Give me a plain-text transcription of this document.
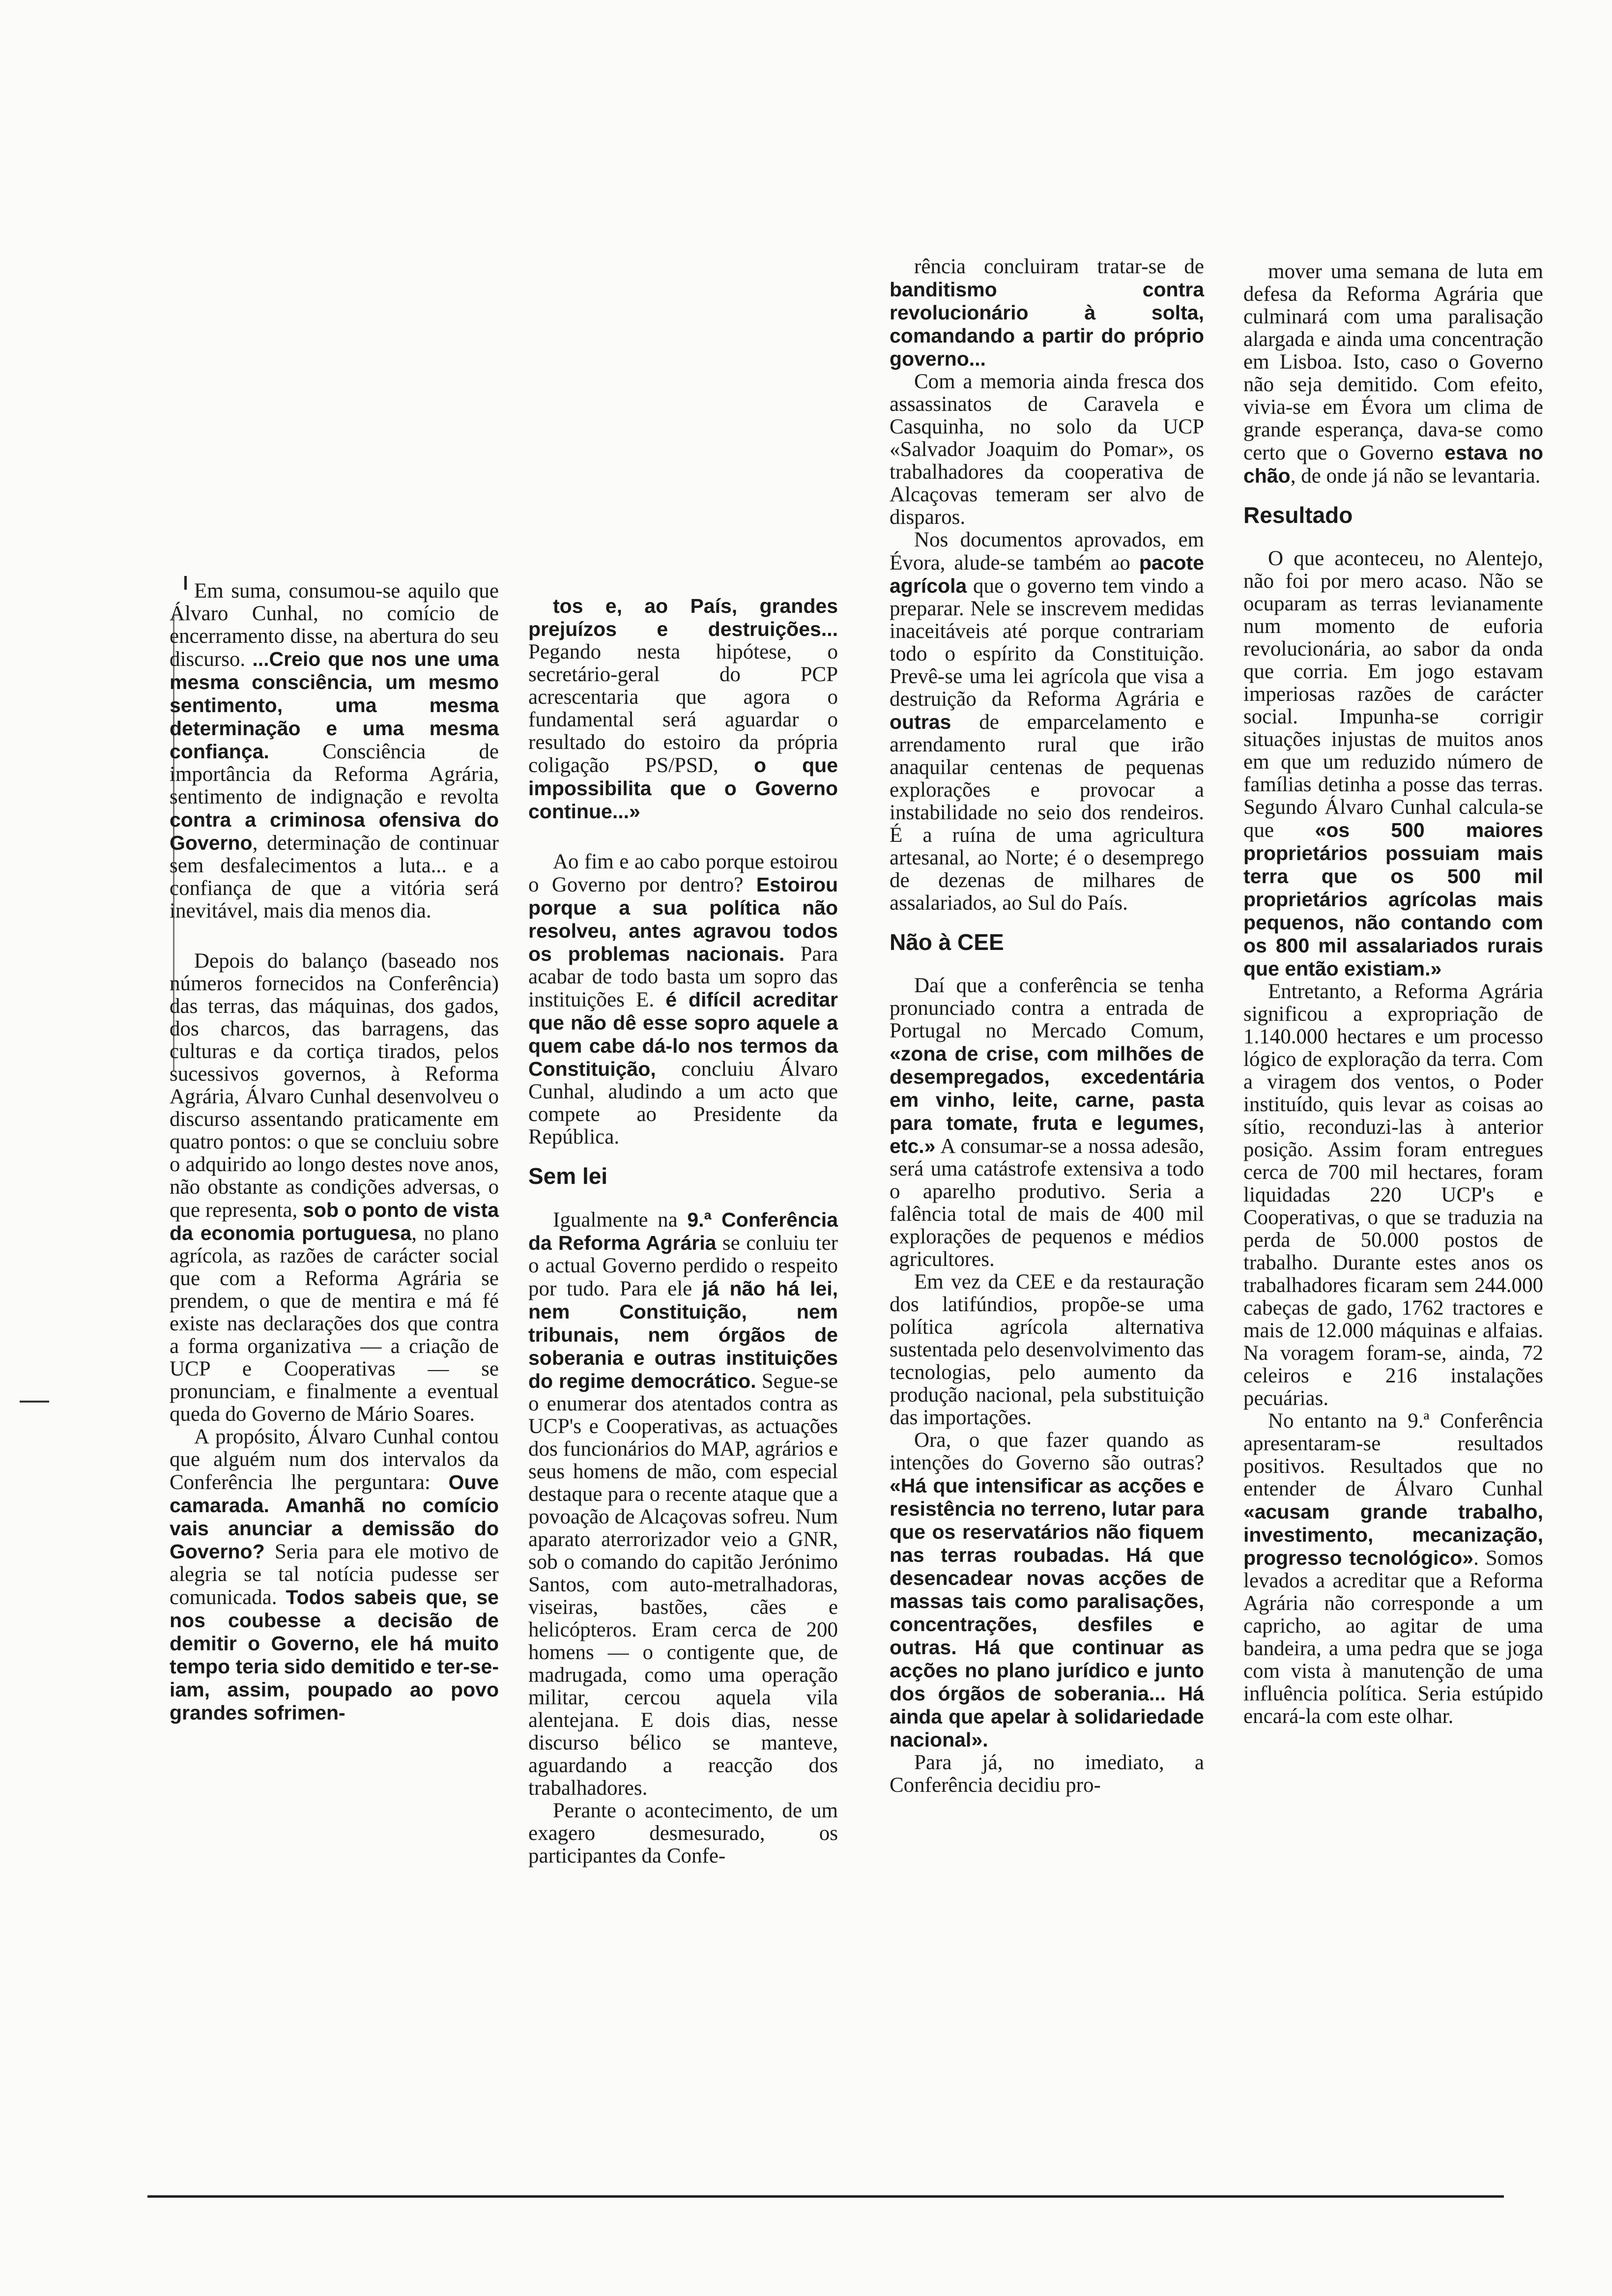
Em suma, consumou-se aquilo que Álvaro Cunhal, no comício de encerramento disse, na abertura do seu discurso. ...Creio que nos une uma mesma consciência, um mesmo sentimento, uma mesma determinação e uma mesma confiança. Consciência de importância da Reforma Agrária, sentimento de indignação e revolta contra a criminosa ofensiva do Governo, determinação de continuar sem desfalecimentos a luta... e a confiança de que a vitória será inevitável, mais dia menos dia.

Depois do balanço (baseado nos números fornecidos na Conferência) das terras, das máquinas, dos gados, dos charcos, das barragens, das culturas e da cortiça tirados, pelos sucessivos governos, à Reforma Agrária, Álvaro Cunhal desenvolveu o discurso assentando praticamente em quatro pontos: o que se concluiu sobre o adquirido ao longo destes nove anos, não obstante as condições adversas, o que representa, sob o ponto de vista da economia portuguesa, no plano agrícola, as razões de carácter social que com a Reforma Agrária se prendem, o que de mentira e má fé existe nas declarações dos que contra a forma organizativa — a criação de UCP e Cooperativas — se pronunciam, e finalmente a eventual queda do Governo de Mário Soares.

A propósito, Álvaro Cunhal contou que alguém num dos intervalos da Conferência lhe perguntara: Ouve camarada. Amanhã no comício vais anunciar a demissão do Governo? Seria para ele motivo de alegria se tal notícia pudesse ser comunicada. Todos sabeis que, se nos coubesse a decisão de demitir o Governo, ele há muito tempo teria sido demitido e ter-se-iam, assim, poupado ao povo grandes sofrimen-

tos e, ao País, grandes prejuízos e destruições... Pegando nesta hipótese, o secretário-geral do PCP acrescentaria que agora o fundamental será aguardar o resultado do estoiro da própria coligação PS/PSD, o que impossibilita que o Governo continue...»

Ao fim e ao cabo porque estoirou o Governo por dentro? Estoirou porque a sua política não resolveu, antes agravou todos os problemas nacionais. Para acabar de todo basta um sopro das instituições E. é difícil acreditar que não dê esse sopro aquele a quem cabe dá-lo nos termos da Constituição, concluiu Álvaro Cunhal, aludindo a um acto que compete ao Presidente da República.

Sem lei

Igualmente na 9.ª Conferência da Reforma Agrária se conluiu ter o actual Governo perdido o respeito por tudo. Para ele já não há lei, nem Constituição, nem tribunais, nem órgãos de soberania e outras instituições do regime democrático. Segue-se o enumerar dos atentados contra as UCP's e Cooperativas, as actuações dos funcionários do MAP, agrários e seus homens de mão, com especial destaque para o recente ataque que a povoação de Alcaçovas sofreu. Num aparato aterrorizador veio a GNR, sob o comando do capitão Jerónimo Santos, com auto-metralhadoras, viseiras, bastões, cães e helicópteros. Eram cerca de 200 homens — o contigente que, de madrugada, como uma operação militar, cercou aquela vila alentejana. E dois dias, nesse discurso bélico se manteve, aguardando a reacção dos trabalhadores.

Perante o acontecimento, de um exagero desmesurado, os participantes da Confe-

rência concluiram tratar-se de banditismo contra revolucionário à solta, comandando a partir do próprio governo...

Com a memoria ainda fresca dos assassinatos de Caravela e Casquinha, no solo da UCP «Salvador Joaquim do Pomar», os trabalhadores da cooperativa de Alcaçovas temeram ser alvo de disparos.

Nos documentos aprovados, em Évora, alude-se também ao pacote agrícola que o governo tem vindo a preparar. Nele se inscrevem medidas inaceitáveis até porque contrariam todo o espírito da Constituição. Prevê-se uma lei agrícola que visa a destruição da Reforma Agrária e outras de emparcelamento e arrendamento rural que irão anaquilar centenas de pequenas explorações e provocar a instabilidade no seio dos rendeiros. É a ruína de uma agricultura artesanal, ao Norte; é o desemprego de dezenas de milhares de assalariados, ao Sul do País.

Não à CEE

Daí que a conferência se tenha pronunciado contra a entrada de Portugal no Mercado Comum, «zona de crise, com milhões de desempregados, excedentária em vinho, leite, carne, pasta para tomate, fruta e legumes, etc.» A consumar-se a nossa adesão, será uma catástrofe extensiva a todo o aparelho produtivo. Seria a falência total de mais de 400 mil explorações de pequenos e médios agricultores.

Em vez da CEE e da restauração dos latifúndios, propõe-se uma política agrícola alternativa sustentada pelo desenvolvimento das tecnologias, pelo aumento da produção nacional, pela substituição das importações.

Ora, o que fazer quando as intenções do Governo são outras? «Há que intensificar as acções e resistência no terreno, lutar para que os reservatários não fiquem nas terras roubadas. Há que desencadear novas acções de massas tais como paralisações, concentrações, desfiles e outras. Há que continuar as acções no plano jurídico e junto dos órgãos de soberania... Há ainda que apelar à solidariedade nacional».

Para já, no imediato, a Conferência decidiu pro-

mover uma semana de luta em defesa da Reforma Agrária que culminará com uma paralisação alargada e ainda uma concentração em Lisboa. Isto, caso o Governo não seja demitido. Com efeito, vivia-se em Évora um clima de grande esperança, dava-se como certo que o Governo estava no chão, de onde já não se levantaria.

Resultado

O que aconteceu, no Alentejo, não foi por mero acaso. Não se ocuparam as terras levianamente num momento de euforia revolucionária, ao sabor da onda que corria. Em jogo estavam imperiosas razões de carácter social. Impunha-se corrigir situações injustas de muitos anos em que um reduzido número de famílias detinha a posse das terras. Segundo Álvaro Cunhal calcula-se que «os 500 maiores proprietários possuiam mais terra que os 500 mil proprietários agrícolas mais pequenos, não contando com os 800 mil assalariados rurais que então existiam.»

Entretanto, a Reforma Agrária significou a expropriação de 1.140.000 hectares e um processo lógico de exploração da terra. Com a viragem dos ventos, o Poder instituído, quis levar as coisas ao sítio, reconduzi-las à anterior posição. Assim foram entregues cerca de 700 mil hectares, foram liquidadas 220 UCP's e Cooperativas, o que se traduzia na perda de 50.000 postos de trabalho. Durante estes anos os trabalhadores ficaram sem 244.000 cabeças de gado, 1762 tractores e mais de 12.000 máquinas e alfaias. Na voragem foram-se, ainda, 72 celeiros e 216 instalações pecuárias.

No entanto na 9.ª Conferência apresentaram-se resultados positivos. Resultados que no entender de Álvaro Cunhal «acusam grande trabalho, investimento, mecanização, progresso tecnológico». Somos levados a acreditar que a Reforma Agrária não corresponde a um capricho, ao agitar de uma bandeira, a uma pedra que se joga com vista à manutenção de uma influência política. Seria estúpido encará-la com este olhar.
